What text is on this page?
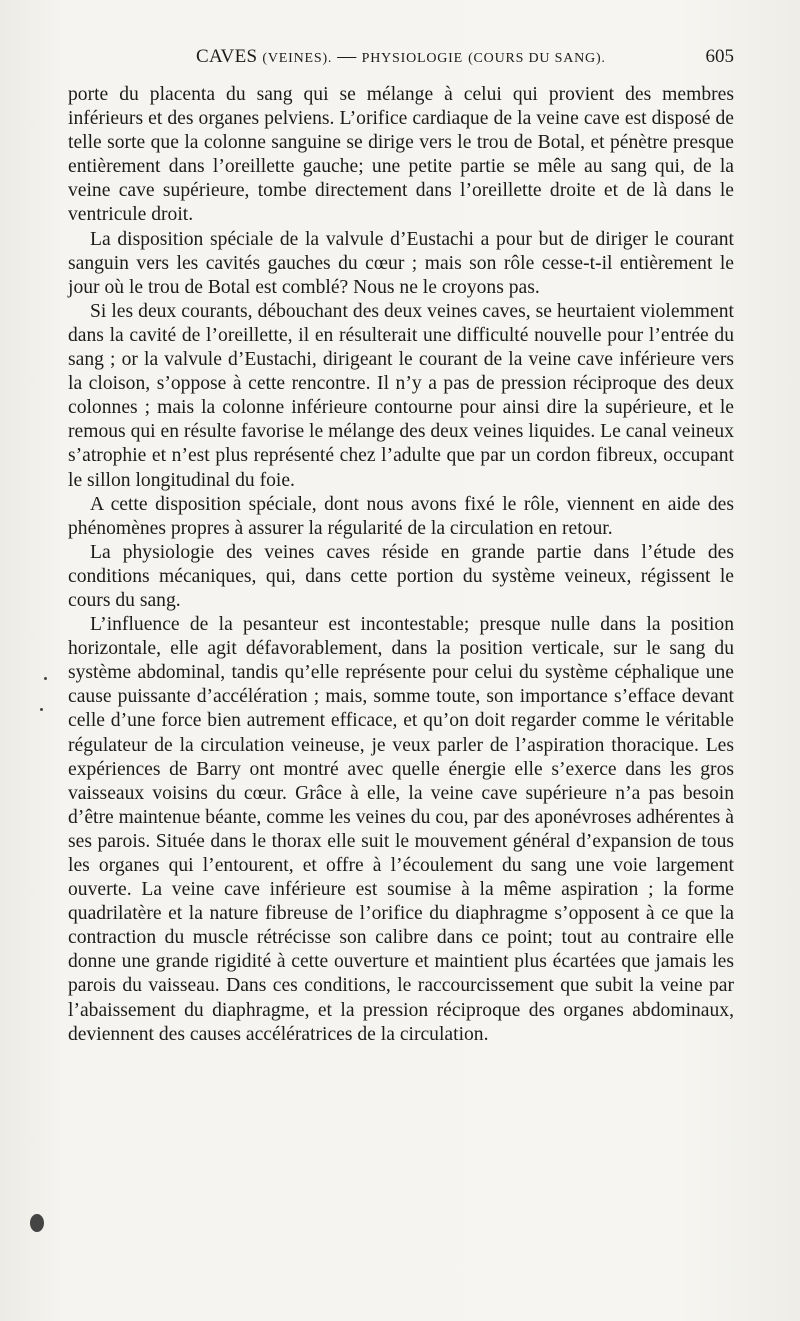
CAVES (VEINES). — PHYSIOLOGIE (COURS DU SANG).	605

porte du placenta du sang qui se mélange à celui qui provient des membres inférieurs et des organes pelviens. L’orifice cardiaque de la veine cave est disposé de telle sorte que la colonne sanguine se dirige vers le trou de Botal, et pénètre presque entièrement dans l’oreillette gauche; une petite partie se mêle au sang qui, de la veine cave supérieure, tombe directement dans l’oreillette droite et de là dans le ventricule droit.

La disposition spéciale de la valvule d’Eustachi a pour but de diriger le courant sanguin vers les cavités gauches du cœur ; mais son rôle cesse-t-il entièrement le jour où le trou de Botal est comblé? Nous ne le croyons pas.

Si les deux courants, débouchant des deux veines caves, se heurtaient violemment dans la cavité de l’oreillette, il en résulterait une difficulté nouvelle pour l’entrée du sang ; or la valvule d’Eustachi, dirigeant le courant de la veine cave inférieure vers la cloison, s’oppose à cette rencontre. Il n’y a pas de pression réciproque des deux colonnes ; mais la colonne inférieure contourne pour ainsi dire la supérieure, et le remous qui en résulte favorise le mélange des deux veines liquides. Le canal veineux s’atrophie et n’est plus représenté chez l’adulte que par un cordon fibreux, occupant le sillon longitudinal du foie.

A cette disposition spéciale, dont nous avons fixé le rôle, viennent en aide des phénomènes propres à assurer la régularité de la circulation en retour.

La physiologie des veines caves réside en grande partie dans l’étude des conditions mécaniques, qui, dans cette portion du système veineux, régissent le cours du sang.

L’influence de la pesanteur est incontestable; presque nulle dans la position horizontale, elle agit défavorablement, dans la position verticale, sur le sang du système abdominal, tandis qu’elle représente pour celui du système céphalique une cause puissante d’accélération ; mais, somme toute, son importance s’efface devant celle d’une force bien autrement efficace, et qu’on doit regarder comme le véritable régulateur de la circulation veineuse, je veux parler de l’aspiration thoracique. Les expériences de Barry ont montré avec quelle énergie elle s’exerce dans les gros vaisseaux voisins du cœur. Grâce à elle, la veine cave supérieure n’a pas besoin d’être maintenue béante, comme les veines du cou, par des aponévroses adhérentes à ses parois. Située dans le thorax elle suit le mouvement général d’expansion de tous les organes qui l’entourent, et offre à l’écoulement du sang une voie largement ouverte. La veine cave inférieure est soumise à la même aspiration ; la forme quadrilatère et la nature fibreuse de l’orifice du diaphragme s’opposent à ce que la contraction du muscle rétrécisse son calibre dans ce point; tout au contraire elle donne une grande rigidité à cette ouverture et maintient plus écartées que jamais les parois du vaisseau. Dans ces conditions, le raccourcissement que subit la veine par l’abaissement du diaphragme, et la pression réciproque des organes abdominaux, deviennent des causes accélératrices de la circulation.
